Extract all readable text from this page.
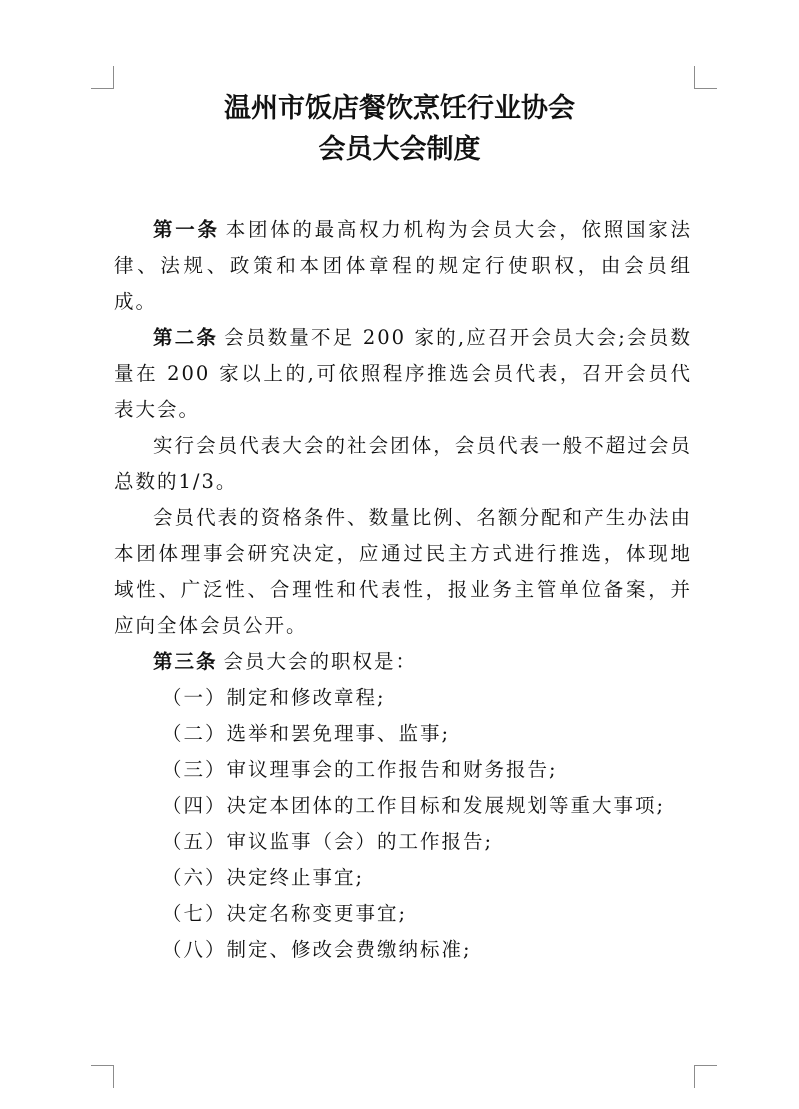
温州市饭店餐饮烹饪行业协会
会员大会制度

第一条 本团体的最高权力机构为会员大会，依照国家法律、法规、政策和本团体章程的规定行使职权，由会员组成。

第二条 会员数量不足 200 家的,应召开会员大会;会员数量在 200 家以上的,可依照程序推选会员代表，召开会员代表大会。

实行会员代表大会的社会团体，会员代表一般不超过会员总数的1/3。

会员代表的资格条件、数量比例、名额分配和产生办法由本团体理事会研究决定，应通过民主方式进行推选，体现地域性、广泛性、合理性和代表性，报业务主管单位备案，并应向全体会员公开。

第三条 会员大会的职权是：

（一）制定和修改章程;

（二）选举和罢免理事、监事;

（三）审议理事会的工作报告和财务报告;

（四）决定本团体的工作目标和发展规划等重大事项;

（五）审议监事（会）的工作报告;

（六）决定终止事宜;

（七）决定名称变更事宜;

（八）制定、修改会费缴纳标准;
